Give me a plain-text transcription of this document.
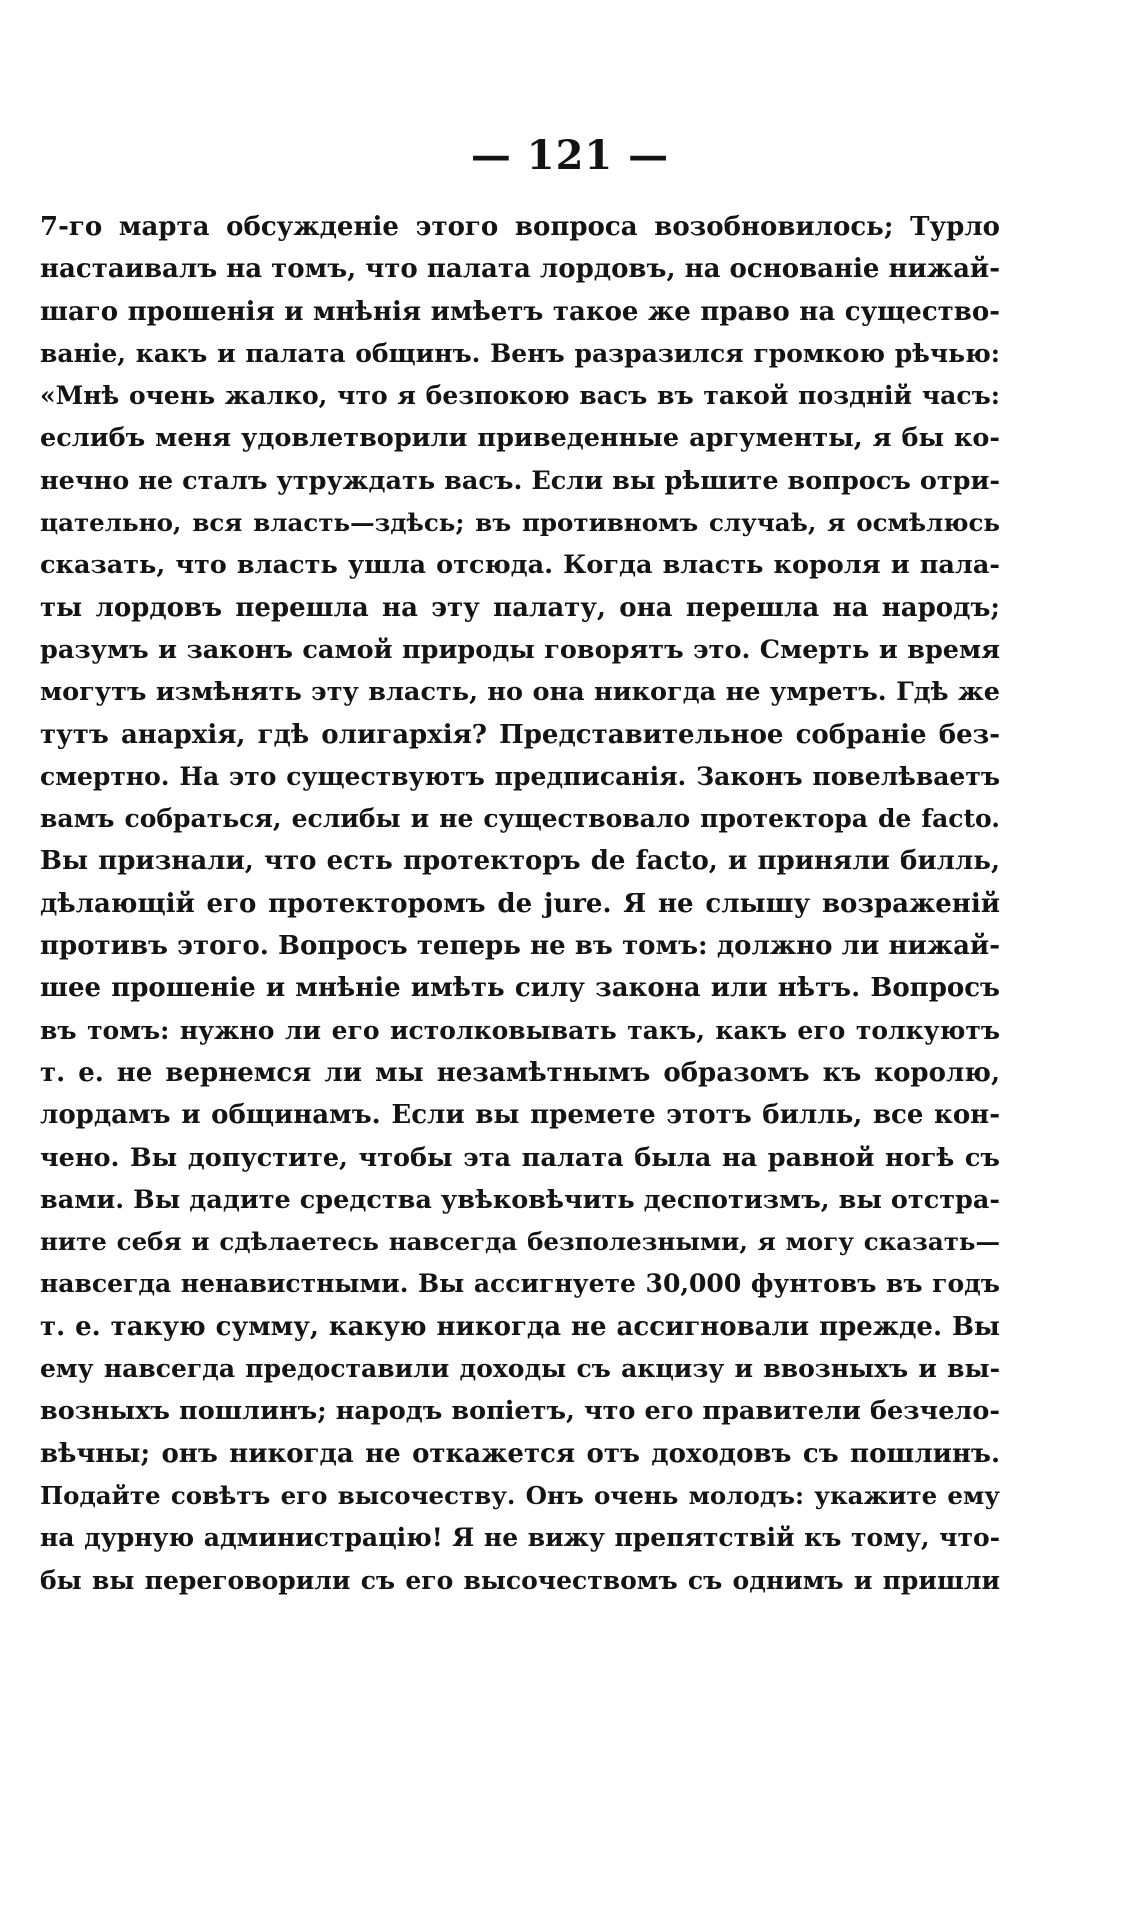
— 121 —
7-го марта обсужденіе этого вопроса возобновилось; Турло
настаивалъ на томъ, что палата лордовъ, на основаніе нижай-
шаго прошенія и мнѣнія имѣетъ такое же право на существо-
ваніе, какъ и палата общинъ. Венъ разразился громкою рѣчью:
«Мнѣ очень жалко, что я безпокою васъ въ такой поздній часъ:
еслибъ меня удовлетворили приведенные аргументы, я бы ко-
нечно не сталъ утруждать васъ. Если вы рѣшите вопросъ отри-
цательно, вся власть—здѣсь; въ противномъ случаѣ, я осмѣлюсь
сказать, что власть ушла отсюда. Когда власть короля и пала-
ты лордовъ перешла на эту палату, она перешла на народъ;
разумъ и законъ самой природы говорятъ это. Смерть и время
могутъ измѣнять эту власть, но она никогда не умретъ. Гдѣ же
тутъ анархія, гдѣ олигархія? Представительное собраніе без-
смертно. На это существуютъ предписанія. Законъ повелѣваетъ
вамъ собраться, еслибы и не существовало протектора de facto.
Вы признали, что есть протекторъ de facto, и приняли билль,
дѣлающій его протекторомъ de jure. Я не слышу возраженій
противъ этого. Вопросъ теперь не въ томъ: должно ли нижай-
шее прошеніе и мнѣніе имѣть силу закона или нѣтъ. Вопросъ
въ томъ: нужно ли его истолковывать такъ, какъ его толкуютъ
т. е. не вернемся ли мы незамѣтнымъ образомъ къ королю,
лордамъ и общинамъ. Если вы премете этотъ билль, все кон-
чено. Вы допустите, чтобы эта палата была на равной ногѣ съ
вами. Вы дадите средства увѣковѣчить деспотизмъ, вы отстра-
ните себя и сдѣлаетесь навсегда безполезными, я могу сказать—
навсегда ненавистными. Вы ассигнуете 30,000 фунтовъ въ годъ
т. е. такую сумму, какую никогда не ассигновали прежде. Вы
ему навсегда предоставили доходы съ акцизу и ввозныхъ и вы-
возныхъ пошлинъ; народъ вопіетъ, что его правители безчело-
вѣчны; онъ никогда не откажется отъ доходовъ съ пошлинъ.
Подайте совѣтъ его высочеству. Онъ очень молодъ: укажите ему
на дурную администрацію! Я не вижу препятствій къ тому, что-
бы вы переговорили съ его высочествомъ съ однимъ и пришли
